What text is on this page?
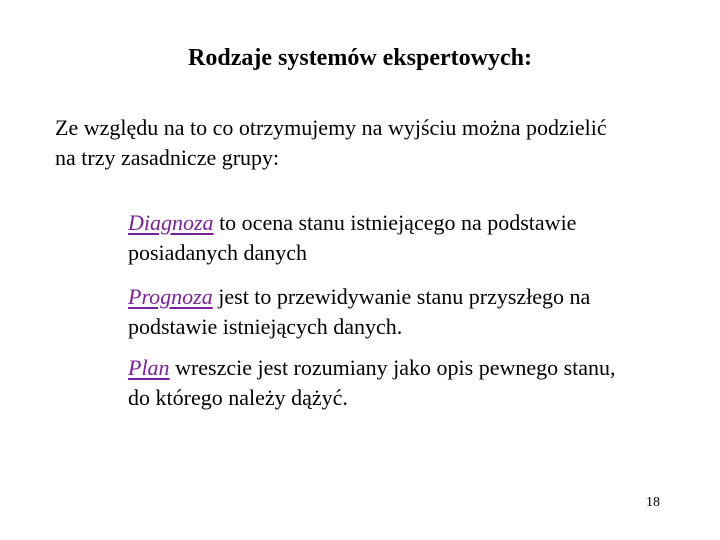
Rodzaje systemów ekspertowych:
Ze względu na to co otrzymujemy na wyjściu można podzielić
na trzy zasadnicze grupy:
Diagnoza to ocena stanu istniejącego na podstawie
posiadanych danych
Prognoza jest to przewidywanie stanu przyszłego na
podstawie istniejących danych.
Plan wreszcie jest rozumiany jako opis pewnego stanu,
do którego należy dążyć.
18
